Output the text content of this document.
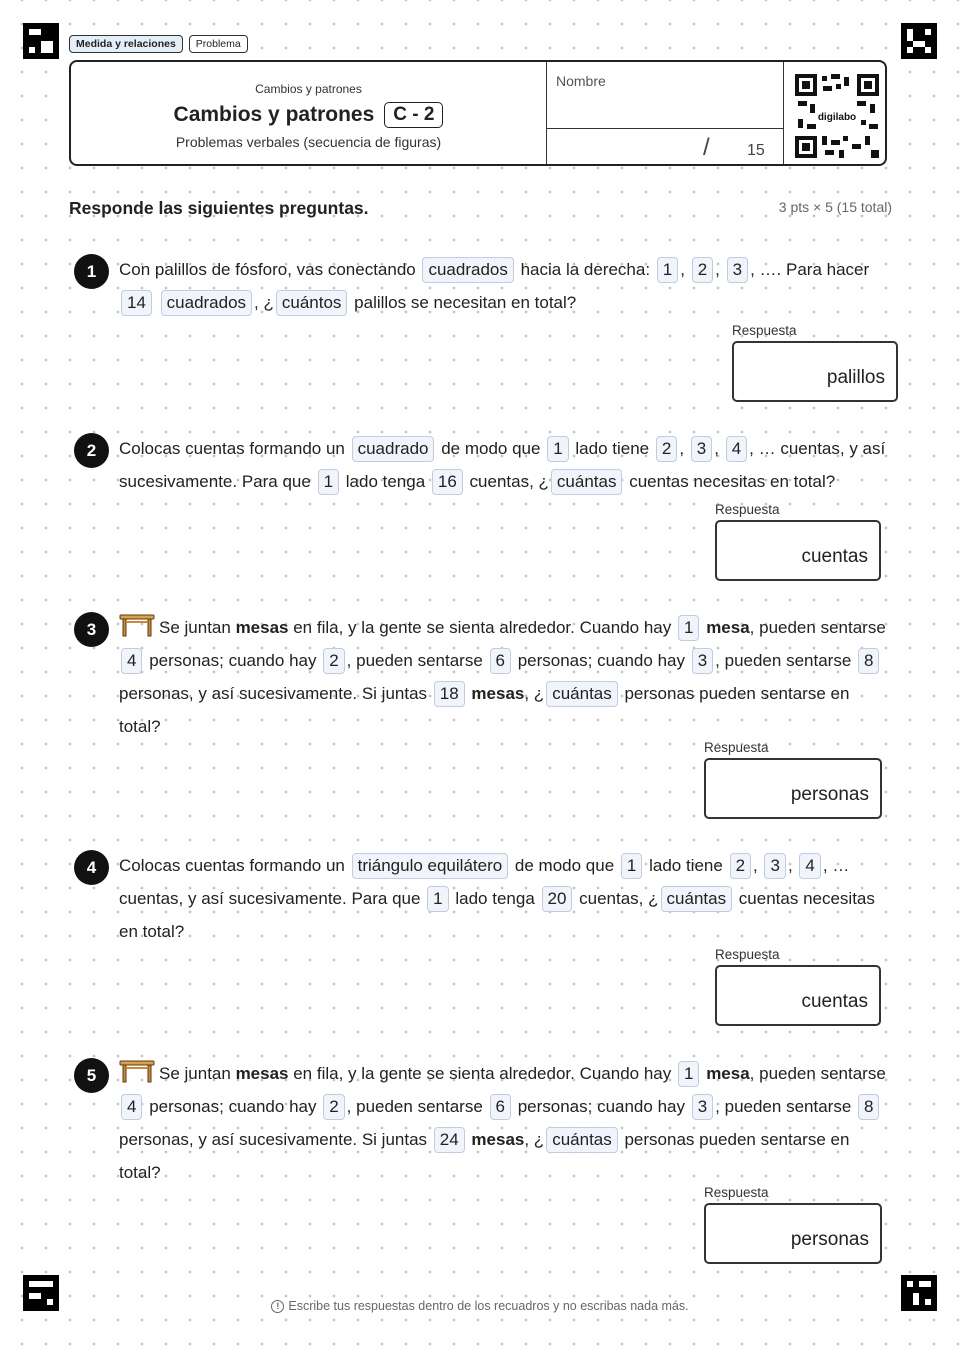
Medida y relaciones	Problema
Cambios y patrones
Cambios y patrones	C - 2
Problemas verbales (secuencia de figuras)
Nombre
/ 15
digilabo
Responde las siguientes preguntas.	3 pts × 5 (15 total)
1	Con palillos de fósforo, vas conectando cuadrados hacia la derecha: 1 , 2 , 3 , …. Para hacer 14 cuadrados , ¿ cuántos palillos se necesitan en total?
Respuesta
palillos
2	Colocas cuentas formando un cuadrado de modo que 1 lado tiene 2 , 3 , 4 , … cuentas, y así sucesivamente. Para que 1 lado tenga 16 cuentas, ¿ cuántas cuentas necesitas en total?
Respuesta
cuentas
3	Se juntan mesas en fila, y la gente se sienta alrededor. Cuando hay 1 mesa, pueden sentarse 4 personas; cuando hay 2 , pueden sentarse 6 personas; cuando hay 3 , pueden sentarse 8 personas, y así sucesivamente. Si juntas 18 mesas, ¿ cuántas personas pueden sentarse en total?
Respuesta
personas
4	Colocas cuentas formando un triángulo equilátero de modo que 1 lado tiene 2 , 3 , 4 , … cuentas, y así sucesivamente. Para que 1 lado tenga 20 cuentas, ¿ cuántas cuentas necesitas en total?
Respuesta
cuentas
5	Se juntan mesas en fila, y la gente se sienta alrededor. Cuando hay 1 mesa, pueden sentarse 4 personas; cuando hay 2 , pueden sentarse 6 personas; cuando hay 3 , pueden sentarse 8 personas, y así sucesivamente. Si juntas 24 mesas, ¿ cuántas personas pueden sentarse en total?
Respuesta
personas
! Escribe tus respuestas dentro de los recuadros y no escribas nada más.
